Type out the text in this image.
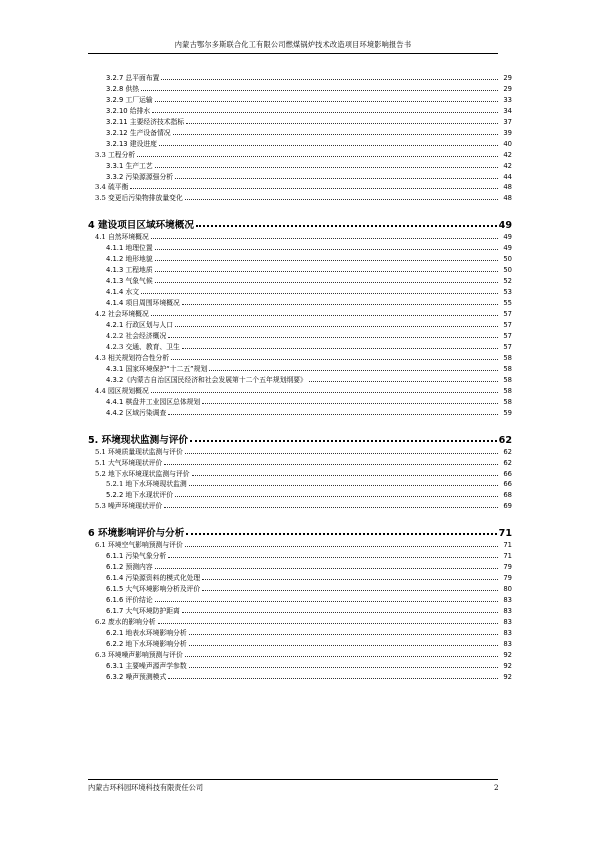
内蒙古鄂尔多斯联合化工有限公司燃煤锅炉技术改造项目环境影响报告书
3.2.7 总平面布置	29
3.2.8 供热	29
3.2.9 工厂运输	33
3.2.10 给排水	34
3.2.11 主要经济技术指标	37
3.2.12 生产设备情况	39
3.2.13 建设进度	40
3.3 工程分析	42
3.3.1 生产工艺	42
3.3.2 污染源源强分析	44
3.4 硫平衡	48
3.5 变更后污染物排放量变化	48
4 建设项目区域环境概况	49
4.1 自然环境概况	49
4.1.1 地理位置	49
4.1.2 地形地貌	50
4.1.3 工程地质	50
4.1.3 气象气候	52
4.1.4 水文	53
4.1.4 项目周围环境概况	55
4.2 社会环境概况	57
4.2.1 行政区划与人口	57
4.2.2 社会经济概况	57
4.2.3 交通、教育、卫生	57
4.3 相关规划符合性分析	58
4.3.1 国家环境保护“十二五”规划	58
4.3.2《内蒙古自治区国民经济和社会发展第十二个五年规划纲要》	58
4.4 园区规划概况	58
4.4.1 棋盘井工业园区总体规划	58
4.4.2 区域污染调查	59
5. 环境现状监测与评价	62
5.1 环境质量现状监测与评价	62
5.1 大气环境现状评价	62
5.2 地下水环境现状监测与评价	66
5.2.1 地下水环境现状监测	66
5.2.2 地下水现状评价	68
5.3 噪声环境现状评价	69
6 环境影响评价与分析	71
6.1 环境空气影响预测与评价	71
6.1.1 污染气象分析	71
6.1.2 预测内容	79
6.1.4 污染源资料的模式化处理	79
6.1.5 大气环境影响分析及评价	80
6.1.6 评价结论	83
6.1.7 大气环境防护距离	83
6.2 废水的影响分析	83
6.2.1 地表水环境影响分析	83
6.2.2 地下水环境影响分析	83
6.3 环境噪声影响预测与评价	92
6.3.1 主要噪声源声学参数	92
6.3.2 噪声预测模式	92
内蒙古环科园环境科技有限责任公司	2
